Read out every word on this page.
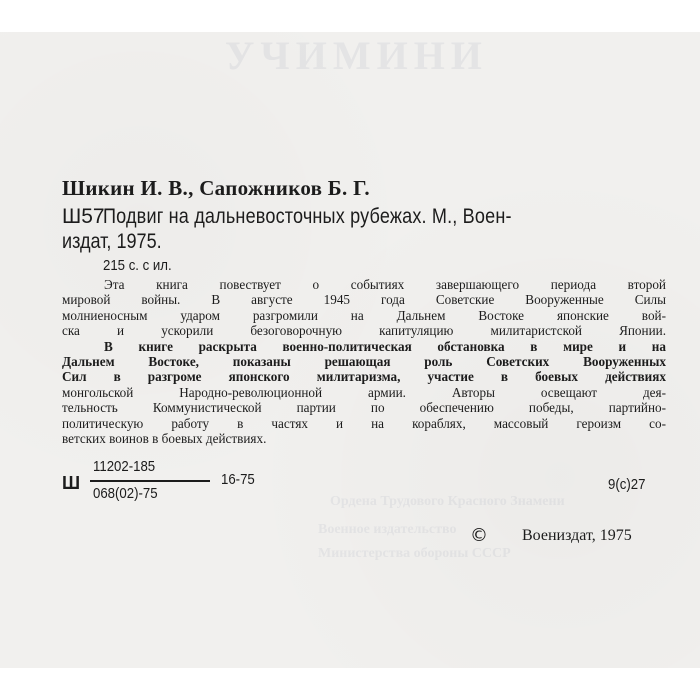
УЧИМИНИ
Ордена Трудового Красного Знамени
Военное издательство
Министерства обороны СССР
Шикин И. В., Сапожников Б. Г.
Ш57
Подвиг на дальневосточных рубежах. М., Воен-
издат, 1975.
215 с. с ил.
Эта книга повествует о событиях завершающего периода второй
мировой войны. В августе 1945 года Советские Вооруженные Силы
молниеносным ударом разгромили на Дальнем Востоке японские вой-
ска и ускорили безоговорочную капитуляцию милитаристской Японии.
В книге раскрыта военно-политическая обстановка в мире и на
Дальнем Востоке, показаны решающая роль Советских Вооруженных
Сил в разгроме японского милитаризма, участие в боевых действиях
монгольской Народно-революционной армии. Авторы освещают дея-
тельность Коммунистической партии по обеспечению победы, партийно-
политическую работу в частях и на кораблях, массовый героизм со-
ветских воинов в боевых действиях.
Ш
11202-185
068(02)-75
16-75	9(с)27
© Воениздат, 1975
